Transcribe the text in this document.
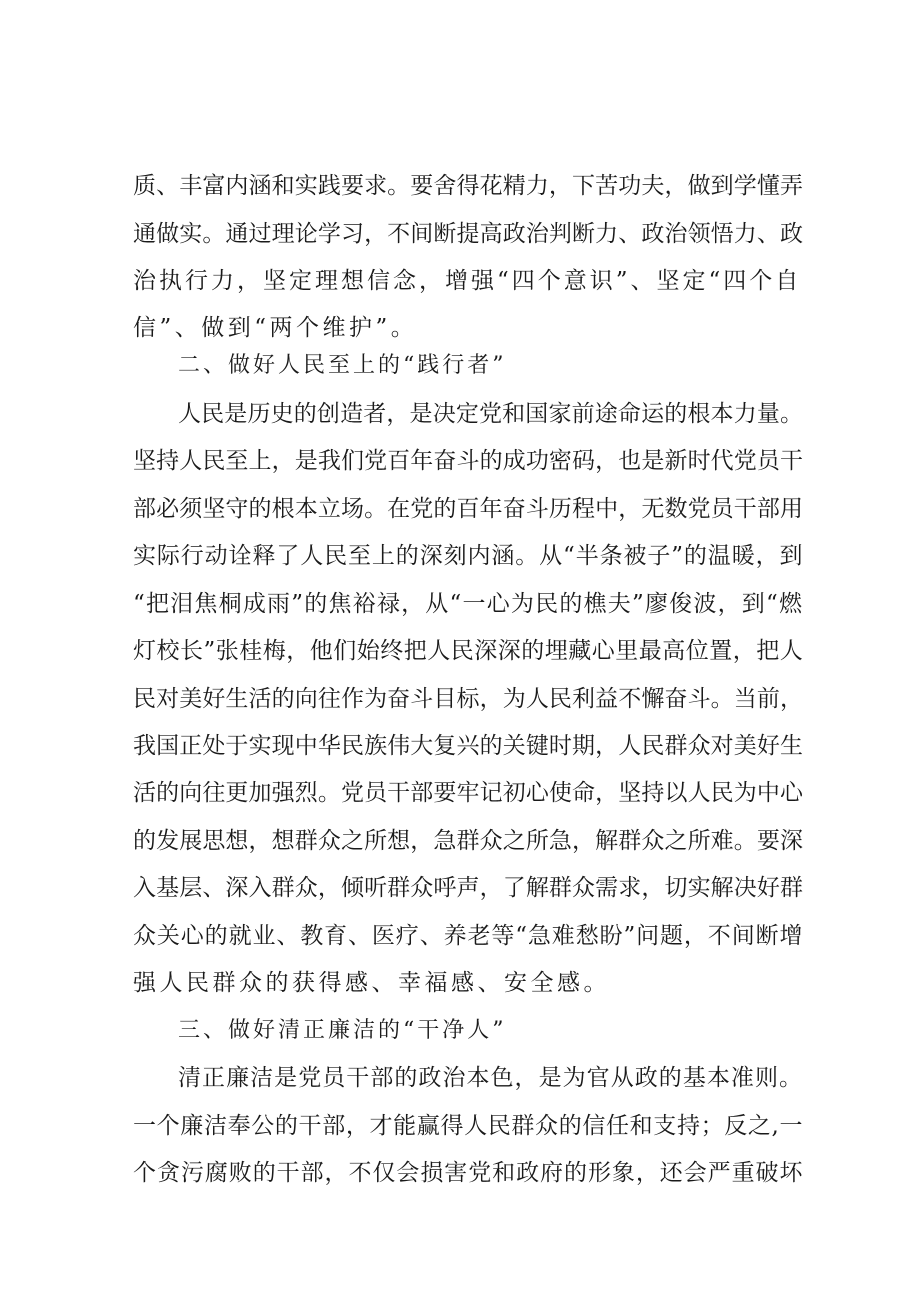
质、丰富内涵和实践要求。要舍得花精力，下苦功夫，做到学懂弄
通做实。通过理论学习，不间断提高政治判断力、政治领悟力、政
治执行力，坚定理想信念，增强“四个意识”、坚定“四个自
信”、做到“两个维护”。
二、做好人民至上的“践行者”
人民是历史的创造者，是决定党和国家前途命运的根本力量。
坚持人民至上，是我们党百年奋斗的成功密码，也是新时代党员干
部必须坚守的根本立场。在党的百年奋斗历程中，无数党员干部用
实际行动诠释了人民至上的深刻内涵。从“半条被子”的温暖，到
“把泪焦桐成雨”的焦裕禄，从“一心为民的樵夫”廖俊波，到“燃
灯校长”张桂梅，他们始终把人民深深的埋藏心里最高位置，把人
民对美好生活的向往作为奋斗目标，为人民利益不懈奋斗。当前，
我国正处于实现中华民族伟大复兴的关键时期，人民群众对美好生
活的向往更加强烈。党员干部要牢记初心使命，坚持以人民为中心
的发展思想，想群众之所想，急群众之所急，解群众之所难。要深
入基层、深入群众，倾听群众呼声，了解群众需求，切实解决好群
众关心的就业、教育、医疗、养老等“急难愁盼”问题，不间断增
强人民群众的获得感、幸福感、安全感。
三、做好清正廉洁的“干净人”
清正廉洁是党员干部的政治本色，是为官从政的基本准则。
一个廉洁奉公的干部，才能赢得人民群众的信任和支持；反之,一
个贪污腐败的干部，不仅会损害党和政府的形象，还会严重破坏
